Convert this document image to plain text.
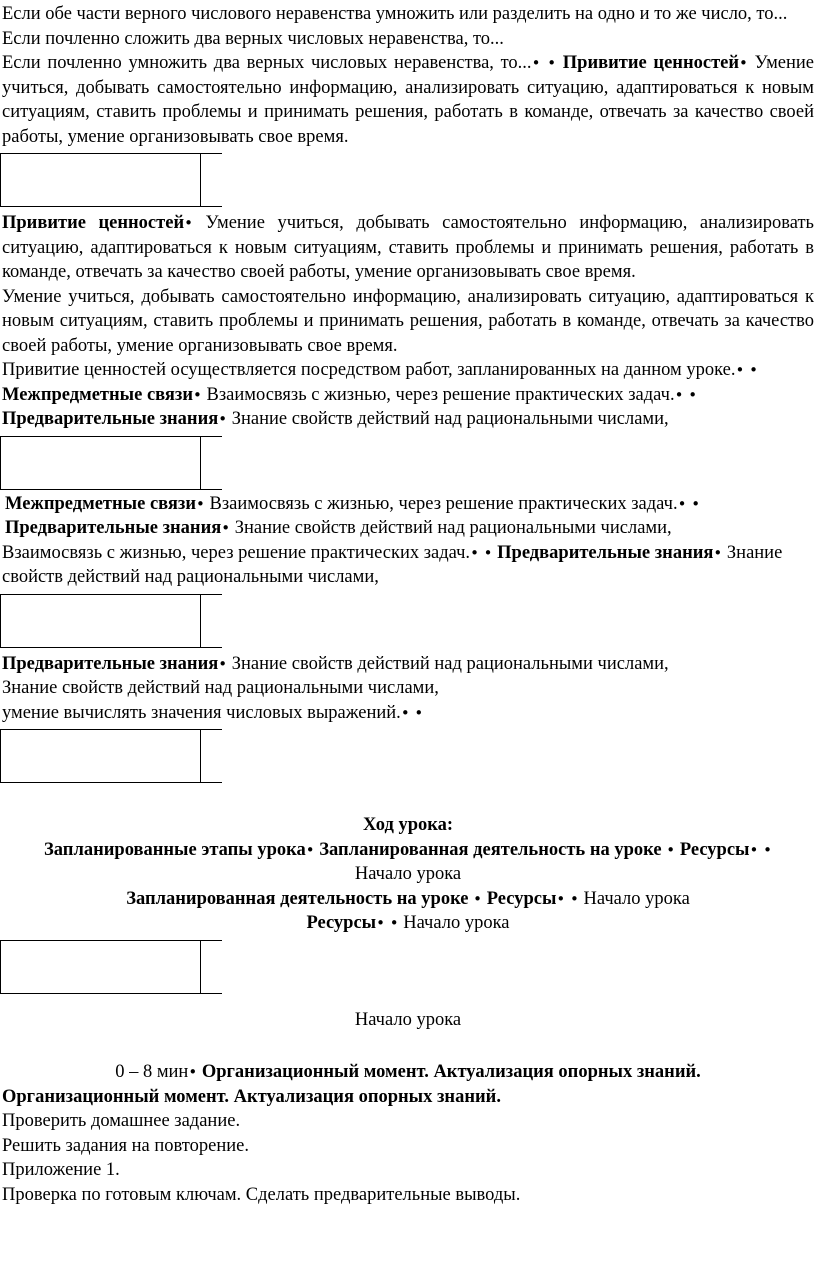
Если обе части верного числового неравенства умножить или разделить на одно и то же число, то...

Если почленно сложить два верных числовых неравенства, то...

Если почленно умножить два верных числовых неравенства, то...• • Привитие ценностей• Умение учиться, добывать самостоятельно информацию, анализировать ситуацию, адаптироваться к новым ситуациям, ставить проблемы и принимать решения, работать в команде, отвечать за качество своей работы, умение организовывать свое время.

Привитие ценностей• Умение учиться, добывать самостоятельно информацию, анализировать ситуацию, адаптироваться к новым ситуациям, ставить проблемы и принимать решения, работать в команде, отвечать за качество своей работы, умение организовывать свое время.

Умение учиться, добывать самостоятельно информацию, анализировать ситуацию, адаптироваться к новым ситуациям, ставить проблемы и принимать решения, работать в команде, отвечать за качество своей работы, умение организовывать свое время.

Привитие ценностей осуществляется посредством работ, запланированных на данном уроке.• • Межпредметные связи• Взаимосвязь с жизнью, через решение практических задач.• • Предварительные знания• Знание свойств действий над рациональными числами,

Межпредметные связи• Взаимосвязь с жизнью, через решение практических задач.• • Предварительные знания• Знание свойств действий над рациональными числами,

Взаимосвязь с жизнью, через решение практических задач.• • Предварительные знания• Знание свойств действий над рациональными числами,

Предварительные знания• Знание свойств действий над рациональными числами,

Знание свойств действий над рациональными числами,

умение вычислять значения числовых выражений.• •

Ход урока:

Запланированные этапы урока• Запланированная деятельность на уроке • Ресурсы• • Начало урока

Запланированная деятельность на уроке • Ресурсы• • Начало урока

Ресурсы• • Начало урока

Начало урока

0 – 8 мин• Организационный момент. Актуализация опорных знаний.

Организационный момент. Актуализация опорных знаний.

Проверить домашнее задание.

Решить задания на повторение.

Приложение 1.

Проверка по готовым ключам. Сделать предварительные выводы.
